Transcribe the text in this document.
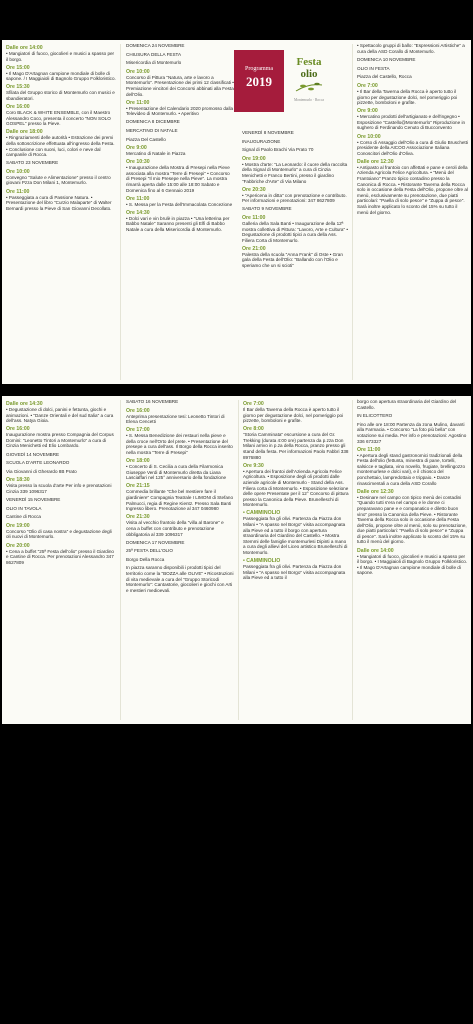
Dalle ore 14:00
• Mangiatori di fuoco, giocolieri e musici a spasso per il borgo.

Ore 15:00
• Il Mago D'Artagnan campione mondiale di bolle di sapone. / I Maggiaioli di Bagnolo Gruppo Folkloristico.

Ore 15:30
Sfilata del Gruppo storico di Montemurlo con musici e sbandieratori.

Ore 16:00
Coro BLACK & WHITE ENSEMBLE, con il Maestro Alessandro Coco, presenta il concerto "NON SOLO GOSPEL" presso la Pieve.

Dalle ore 18:00
• Ringraziamenti delle autorità • Estrazione dei premi della sottoscrizione effettuata all'ingresso della Festa. • Conclusione con suoni, luci, colori e neve dal campanile di Rocca.

SABATO 23 NOVEMBRE

Ore 10:00
Convegno "Salute e Alimentazione" presso il centro giovani Pzza Don Milani 1, Montemurlo.

Ore 11:00
• Passeggiata a cura di Passione Natura. • Presentazione del libro "Curzio Malaparte" di Walter Bernardi presso la Pieve di San Giovanni Decollato.

DOMENICA 24 NOVEMBRE
CHIUSURA DELLA FESTA
Misericordia di Montemurlo

Ore 10:00
Concorso di Pittura "Natura, arte e lavoro a Montemurlo". Presentazione dei primi 12 classificati • Premiazione vincitori dei Concorsi abbinati alla Festa dell'Olio.

Ore 11:00
• Presentazione del Calendario 2020 promosso dalla Televideo di Montemurlo. • Aperitivo

DOMENICA 8 DICEMBRE
MERCATINO DI NATALE
Piazza Del Castello

Ore 9:00
Mercatino di Natale in Piazza

Ore 10:30
• Inaugurazione della Mostra di Presepi nella Pieve associata alla mostra "Terre di Presepi" • Concorso di Presepi "Il mio Presepe nella Pieve". La mostra rimarrà aperta dalle 15:00 alle 18:00 Sabato e Domenica fino al 6 Gennaio 2019

Ore 11:00
• S. Messa per la Festa dell'Immacolata Concezione

Ore 14:30
• Dolci vari e vin brulè in piazza • "Una letterina per Babbo Natale" Saranno presenti gli Elfi di Babbo Natale a cura della Misericordia di Montemurlo.

VENERDÌ 8 NOVEMBRE
INAUGURAZIONE
Signal di Paolo Brachi Via Prato 70

Ore 19:00
• Mostra d'arte: "La Leonardo: il cuore della raccolta della Signal di Montemurlo" a cura di Cinzia Menichetti e Franco Bertini, presso il giardino "Fabbriche d'Arte" di Via Milano

Ore 20:30
• "Apericena in ditta" con prenotazione e contributo. Per informazioni e prenotazioni: 347 8627809

SABATO 9 NOVEMBRE

Ore 11:00
Galleria della Sala Banti • Inaugurazione della 12ª mostra collettiva di Pittura: "Lavoro, Arte e Cultura" • Degustazione di prodotti tipici a cura della Ass. Filiera Corta di Montemurlo.

Ore 21:00
Palestra della scuola "Anna Frank" di Oste • Gran gala della Festa dell'Olio: "Ballando con l'Olio e speriamo che un si scioti"

Programma
2019
Festa
olio
Montemurlo · Rocca
• Spettacolo gruppi di ballo: "Espressioni Artistiche" a cura della ASD Corallo di Montemurlo.
DOMENICA 10 NOVEMBRE
OLIO IN FESTA
Piazza del Castello, Rocca

Ore 7:00
• Il Bar della Taverna della Rocca è aperto tutto il giorno per degustazione dolci, nel pomeriggio poi pizzette, bomboloni e grafite.

Ore 9:00
• Mercatino prodotti dell'artigianato e dell'ingegno • Esposizione "Castello@Montemurlo" Riproduzione in sughero di Ferdinando Cenuto di Bucconvento

Ore 10:00
• Corso di Assaggio dell'Olio a cura di Giulio Bruschetti presidente della AICOO Associazione Italiana Conoscitori dell'Olio d'Oliva.

Dalle ore 12:30
• Antipasto al frantoio con affettati e pane e ceroli della Azienda Agricola Felice Agricoltura. • "Menù del Frantoiano" Pranzo tipico contadino presso la Canonica di Rocca. • Ristorante Taverna della Rocca solo in occasione della Festa dell'Olio, propone oltre al menù, esclusivamente su prenotazione, due piatti particolari: "Paella di solo pesce" e "Zuppa di pesce". Sarà inoltre applicato lo sconto del 15% su tutto il menù del giorno.

Dalle ore 14:30
• Degustazione di dolci, panini e fettunta, giochi e animazioni. • "Danze Orientali e del sud Italia" a cura dell'ass. Natya Gioia.

Ore 16:00
Inaugurazione mostra presso Compagnia del Corpus Domini: "Leonetto Tintori a Montemurlo" a cura di Cinzia Menichetti ed Elio Lombardo.

GIOVEDÌ 14 NOVEMBRE
SCUOLA D'ARTE LEONARDO
Via Giovanni di Gherardo 8B Prato

Ore 18:30
Visita presso la scuola d'arte Per info e prenotazioni Cinzia 339 1096317

VENERDÌ 15 NOVEMBRE
OLIO IN TAVOLA
Cantine di Rocca

Ore 19:00
Concorso "Olio di casa nostra" e degustazione degli oli nuovi di Montemurlo.

Ore 20:00
• Cena a buffet "25ª Festa dell'olio" presso il Giardino e Cantine di Rocca. Per prenotazioni Alessandro 347 8627809

SABATO 16 NOVEMBRE

Ore 16:00
Anteprima presentazione tesi: Leonetto Tintori di Elena Cencetti

Ore 17:00
• S. Messa Benedizione dei restauri nella pieve e della croce nell'Orto del prete. • Presentazione del presepe a cura dell'ass. Il Borgo della Rocca inserito nella mostra "Terre di Presepi"

Ore 18:00
• Concerto di S. Cecilia a cura della Filarmonica Giuseppe Verdi di Montemurlo diretta da Liana Lasciaffari nel 125° anniversario della fondazione

Ore 21:15
Commedia brillante "Che bel mestiere fare il giardiniere" Compagnia Teatrale I LIMONI di Stefano Palmucci, regia di Regine Kientz. Presso Sala Banti Ingresso libero. Prenotazione al 347 0460980

Ore 21:30
Visita al vecchio frantoio della "villa al Barone" e cena a buffet con contributo e prenotazione obbligatoria al 339 1096317

DOMENICA 17 NOVEMBRE
25ª FESTA DELL'OLIO
Borgo Della Rocca

In piazza saranno disponibili i prodotti tipici del territorio come la "BOZZA alle OLIVE" • Ricostruzioni di vita medievale a cura del "Gruppo Storicodi Montemurlo": Cantastorie, giocolieri e giochi con Arti e mestieri medioevali.

Ore 7:00
Il Bar della Taverna della Rocca è aperto tutto il giorno per degustazione dolci, nel pomeriggio poi pizzette, bomboloni e grafite.

Ore 8:00
"Storia Camminata" escursione a cura del Gr. Trekking (durata 4:00 ore) partenza da p.zza Don Milani arrivo in p.za della Rocca, pranzo presso gli stand della festa. Per informazioni Paolo Fabbri 338 8976880

Ore 9:30
• Apertura dei frantoi dell'Azienda Agricola Felice Agricoltura. • Esposizione degli oli prodotti dalle aziende agricole di Montemurlo - Stand della Ass. Filiera corta di Montemurlo. • Esposizione selezione delle opere Presentate per il 12° Concorso di pittura presso la Canonica della Pieve. Brunelleschi di Montemurlo.

• CAMMINOLIO
Passeggiata fra gli olivi. Partenza da Piazza don Milani • "A spasso nel Borgo" visita accompagnata alla Pieve ed a tutto il borgo con apertura straordinaria del Giardino del Castello. • Mostra Stemmi delle famiglie montemurlesi Dipinti a mano a cura degli allievi del Liceo artistico Brunelleschi di Montemurlo.

• CAMMINOLIO
Passeggiata fra gli olivi. Partenza da Piazza don Milani • "A spasso nel Borgo" visita accompagnata alla Pieve ed a tutto il

borgo con apertura straordinaria del Giardino del Castello.
IN ELICOTTERO

Fino alle ore 18:00 Partenza da zona Mulino, davanti alla Farmacia. • Concorso "La foto più bella" con votazione sui media. Per info e prenotazioni: Agostino 336 673327

Ore 11:00
• Apertura degli stand gastronomici tradizionali della Festa dell'olio (fettunta, minestra di pane, tortelli, salsicce e tagliata, vino novello, frugiate, brellingozzo montemurlese e dolci vari), e il chiosco del ponchettaio, lampredottaio e trippaio. • Danze rinascimentali a cura della ASD Corallo

Dalle ore 12:30
• Desinare nel campo con tipico menù dei contadini "Quando tutti s'era nel campo e le donne ci preparavano pane e e companatico e diletto buon vino" presso la Canonica della Pieve. • Ristorante Taverna della Rocca solo in occasione della Festa dell'Olio, propone oltre al menù, solo su prenotazione, due piatti particolari: "Paella di solo pesce" e "Zuppa di pesce". Sarà inoltre applicato lo sconto del 15% su tutto il menù del giorno.

Dalle ore 14:00
• Mangiatori di fuoco, giocolieri e musici a spasso per il borgo. • I Maggiaioli di Bagnolo Gruppo Folkloristico. • Il Mago D'Artagnan campione mondiale di bolle di sapone.
